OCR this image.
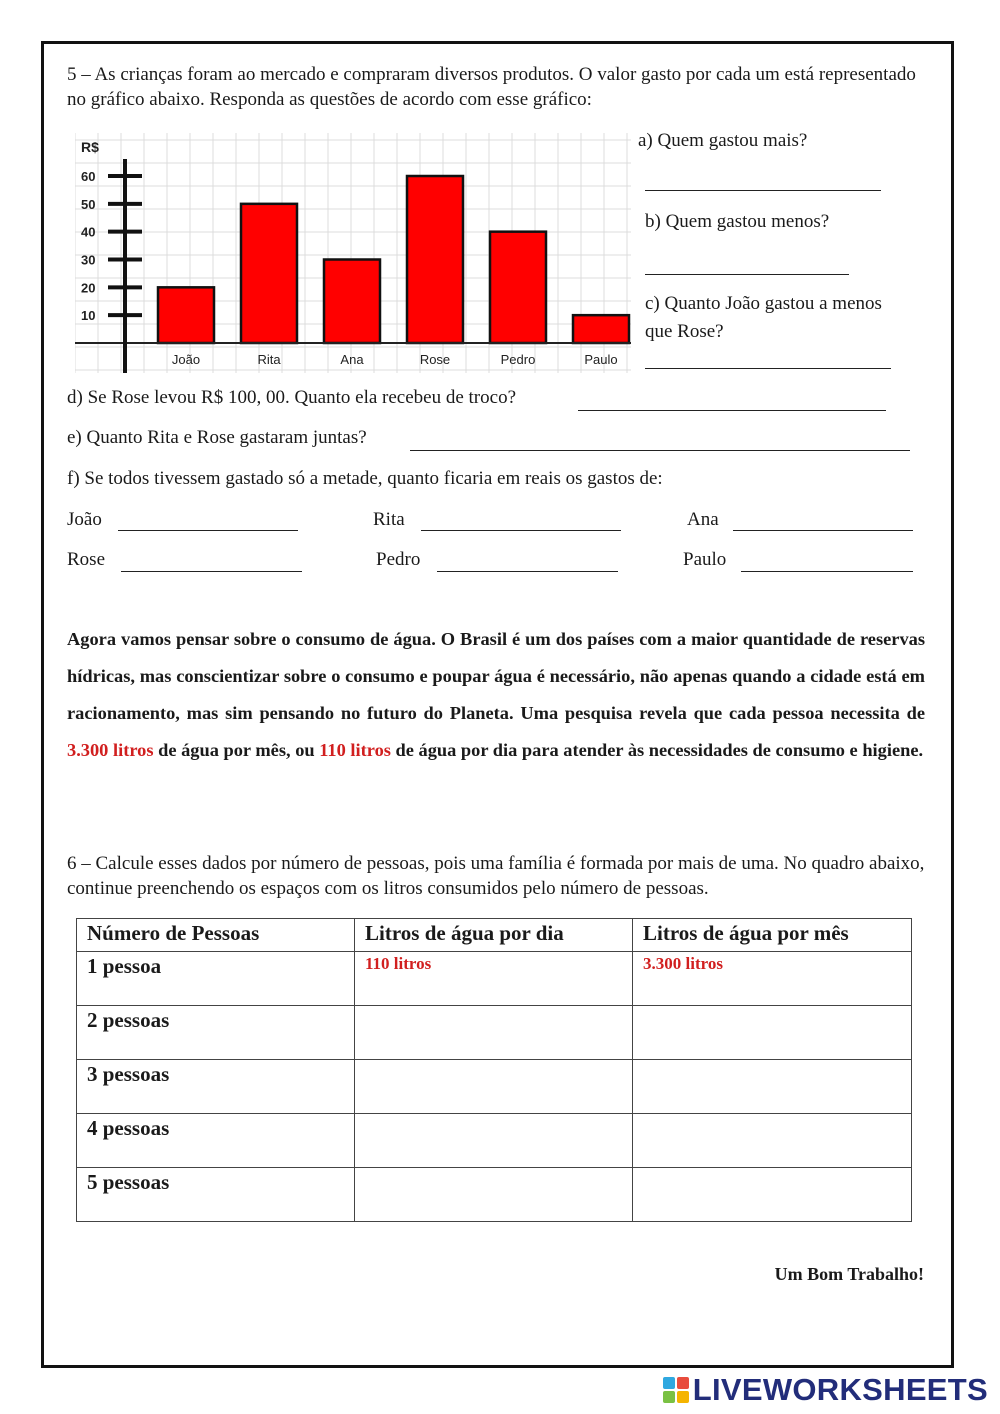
5 – As crianças foram ao mercado e compraram diversos produtos. O valor gasto por cada um está representado no gráfico abaixo. Responda as questões de acordo com esse gráfico:
10
20
30
40
50
60
R$
João	Rita	Ana	Rose	Pedro	Paulo
a) Quem gastou mais?
b) Quem gastou menos?
c) Quanto João gastou a menos
que Rose?
d) Se Rose levou R$ 100, 00. Quanto ela recebeu de troco?
e) Quanto Rita e Rose gastaram juntas?
f) Se todos tivessem gastado só a metade, quanto ficaria em reais os gastos de:
João	Rita	Ana
Rose	Pedro	Paulo
Agora vamos pensar sobre o consumo de água. O Brasil é um dos países com a maior quantidade de reservas hídricas, mas conscientizar sobre o consumo e poupar água é necessário, não apenas quando a cidade está em racionamento, mas sim pensando no futuro do Planeta. Uma pesquisa revela que cada pessoa necessita de 3.300 litros de água por mês, ou 110 litros de água por dia para atender às necessidades de consumo e higiene.
6 – Calcule esses dados por número de pessoas, pois uma família é formada por mais de uma. No quadro abaixo, continue preenchendo os espaços com os litros consumidos pelo número de pessoas.
Número de Pessoas	Litros de água por dia	Litros de água por mês
1 pessoa	110 litros	3.300 litros
2 pessoas		
3 pessoas		
4 pessoas		
5 pessoas		
Um Bom Trabalho!
LIVEWORKSHEETS
